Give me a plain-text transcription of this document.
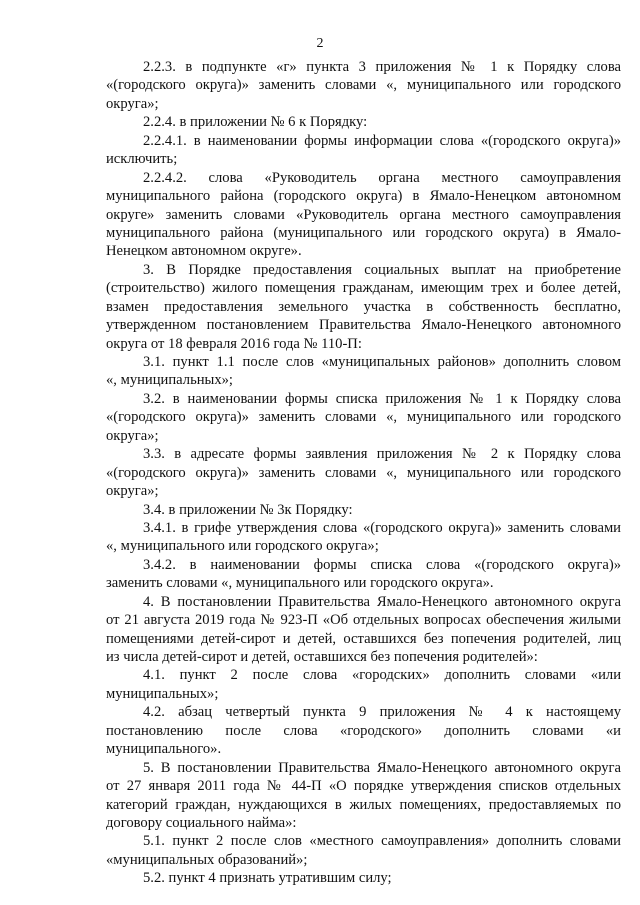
2
2.2.3. в подпункте «г» пункта 3 приложения № 1 к Порядку слова
«(городского округа)» заменить словами «, муниципального или городского
округа»;
2.2.4. в приложении № 6 к Порядку:
2.2.4.1. в наименовании формы информации слова «(городского округа)»
исключить;
2.2.4.2. слова «Руководитель органа местного самоуправления
муниципального района (городского округа) в Ямало-Ненецком автономном
округе» заменить словами «Руководитель органа местного самоуправления
муниципального района (муниципального или городского округа) в Ямало-
Ненецком автономном округе».
3. В Порядке предоставления социальных выплат на приобретение
(строительство) жилого помещения гражданам, имеющим трех и более детей,
взамен предоставления земельного участка в собственность бесплатно,
утвержденном постановлением Правительства Ямало-Ненецкого автономного
округа от 18 февраля 2016 года № 110-П:
3.1. пункт 1.1 после слов «муниципальных районов» дополнить словом
«, муниципальных»;
3.2. в наименовании формы списка приложения № 1 к Порядку слова
«(городского округа)» заменить словами «, муниципального или городского
округа»;
3.3. в адресате формы заявления приложения № 2 к Порядку слова
«(городского округа)» заменить словами «, муниципального или городского
округа»;
3.4. в приложении № 3к Порядку:
3.4.1. в грифе утверждения слова «(городского округа)» заменить словами
«, муниципального или городского округа»;
3.4.2. в наименовании формы списка слова «(городского округа)»
заменить словами «, муниципального или городского округа».
4. В постановлении Правительства Ямало-Ненецкого автономного округа
от 21 августа 2019 года № 923-П «Об отдельных вопросах обеспечения жилыми
помещениями детей-сирот и детей, оставшихся без попечения родителей, лиц
из числа детей-сирот и детей, оставшихся без попечения родителей»:
4.1. пункт 2 после слова «городских» дополнить словами «или
муниципальных»;
4.2. абзац четвертый пункта 9 приложения № 4 к настоящему
постановлению после слова «городского» дополнить словами «и
муниципального».
5. В постановлении Правительства Ямало-Ненецкого автономного округа
от 27 января 2011 года № 44-П «О порядке утверждения списков отдельных
категорий граждан, нуждающихся в жилых помещениях, предоставляемых по
договору социального найма»:
5.1. пункт 2 после слов «местного самоуправления» дополнить словами
«муниципальных образований»;
5.2. пункт 4 признать утратившим силу;
